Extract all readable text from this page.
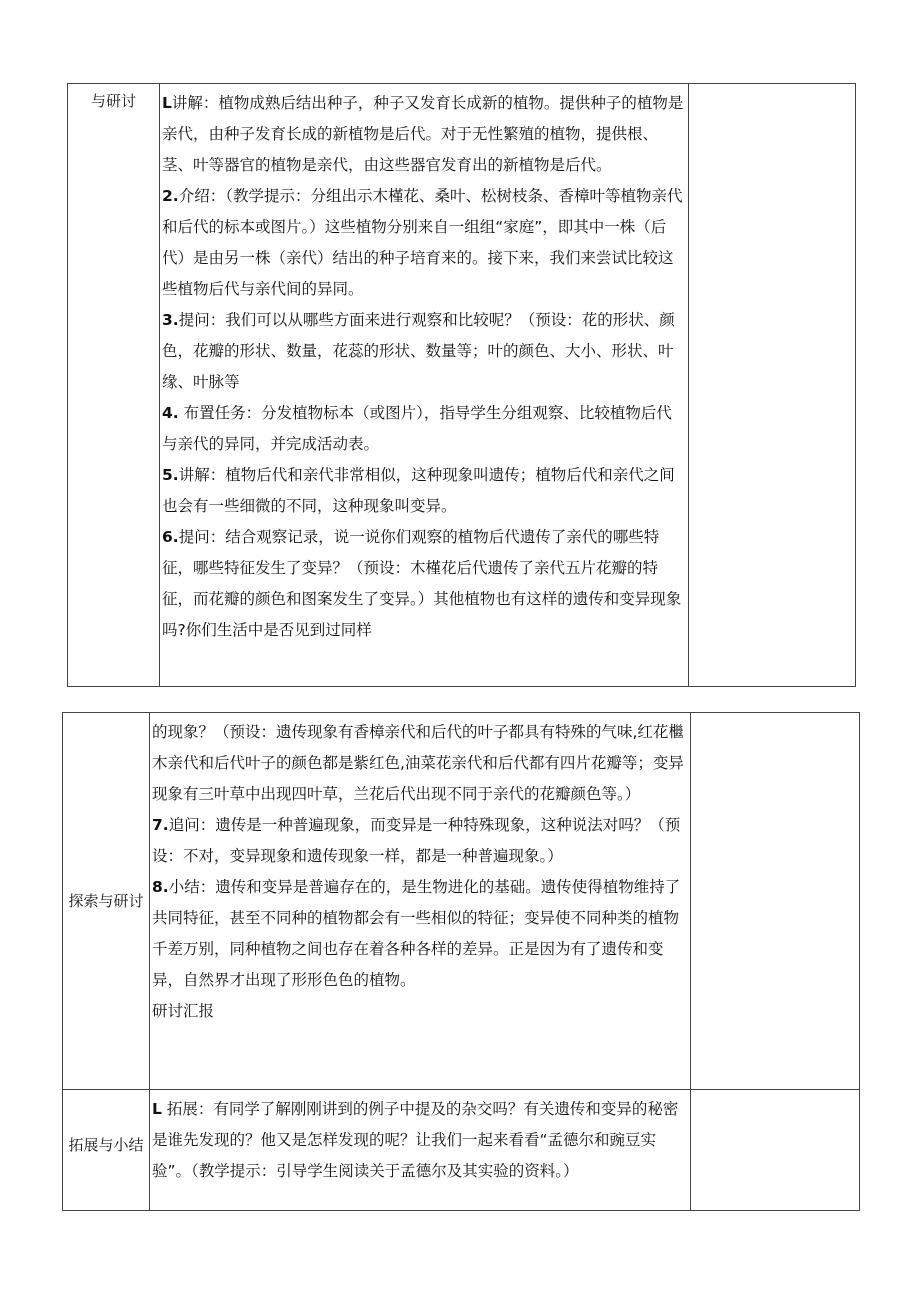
与研讨	L讲解：植物成熟后结出种子，种子又发育长成新的植物。提供种子的植物是亲代，由种子发育长成的新植物是后代。对于无性繁殖的植物，提供根、茎、叶等器官的植物是亲代，由这些器官发育出的新植物是后代。

2.介绍：（教学提示：分组出示木槿花、桑叶、松树枝条、香樟叶等植物亲代和后代的标本或图片。）这些植物分别来自一组组“家庭”，即其中一株（后代）是由另一株（亲代）结出的种子培育来的。接下来，我们来尝试比较这些植物后代与亲代间的异同。

3.提问：我们可以从哪些方面来进行观察和比较呢？（预设：花的形状、颜色，花瓣的形状、数量，花蕊的形状、数量等；叶的颜色、大小、形状、叶缘、叶脉等

4. 布置任务：分发植物标本（或图片），指导学生分组观察、比较植物后代与亲代的异同，并完成活动表。

5.讲解：植物后代和亲代非常相似，这种现象叫遗传；植物后代和亲代之间也会有一些细微的不同，这种现象叫变异。

6.提问：结合观察记录，说一说你们观察的植物后代遗传了亲代的哪些特征，哪些特征发生了变异？（预设：木槿花后代遗传了亲代五片花瓣的特征，而花瓣的颜色和图案发生了变异。）其他植物也有这样的遗传和变异现象吗?你们生活中是否见到过同样

探索与研讨	的现象？（预设：遗传现象有香樟亲代和后代的叶子都具有特殊的气味,红花檵木亲代和后代叶子的颜色都是紫红色,油菜花亲代和后代都有四片花瓣等；变异现象有三叶草中出现四叶草，兰花后代出现不同于亲代的花瓣颜色等。）

7.追问：遗传是一种普遍现象，而变异是一种特殊现象，这种说法对吗？（预设：不对，变异现象和遗传现象一样，都是一种普遍现象。）

8.小结：遗传和变异是普遍存在的，是生物进化的基础。遗传使得植物维持了共同特征，甚至不同种的植物都会有一些相似的特征；变异使不同种类的植物千差万别，同种植物之间也存在着各种各样的差异。正是因为有了遗传和变异，自然界才出现了形形色色的植物。

研讨汇报	

拓展与小结	L 拓展：有同学了解刚刚讲到的例子中提及的杂交吗？有关遗传和变异的秘密是谁先发现的？他又是怎样发现的呢？让我们一起来看看“孟德尔和豌豆实验”。（教学提示：引导学生阅读关于孟德尔及其实验的资料。）	
